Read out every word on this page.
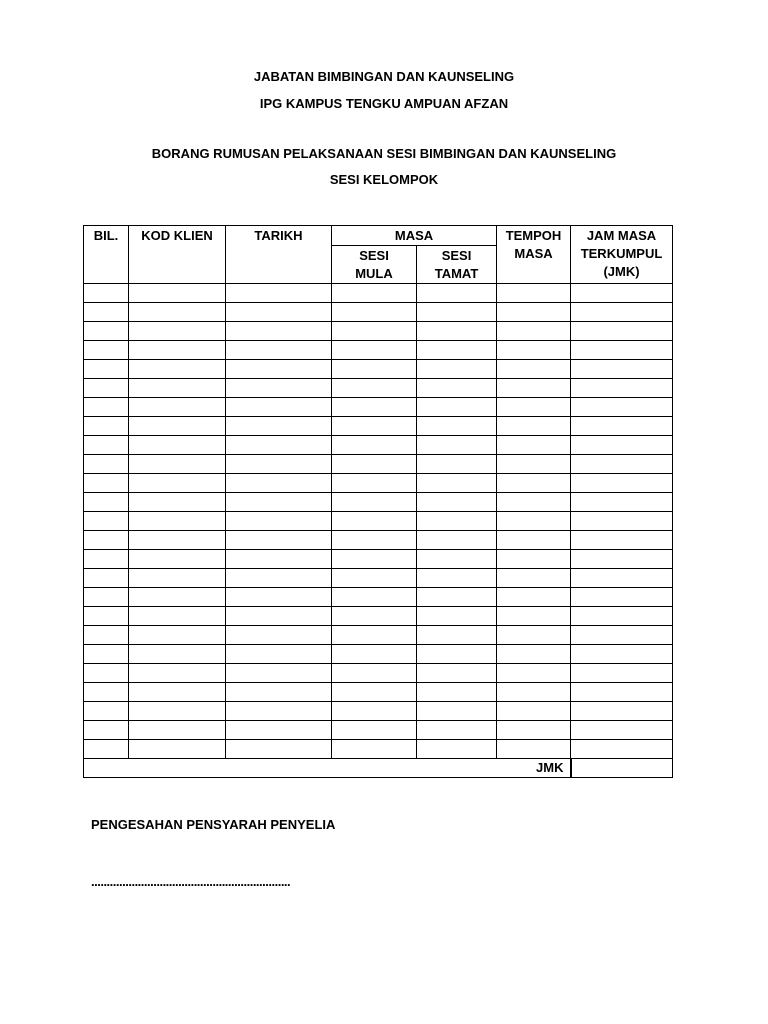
JABATAN BIMBINGAN DAN KAUNSELING
IPG KAMPUS TENGKU AMPUAN AFZAN
BORANG RUMUSAN PELAKSANAAN SESI BIMBINGAN DAN KAUNSELING
SESI KELOMPOK
BIL.	KOD KLIEN	TARIKH	MASA		TEMPOH MASA	JAM MASA TERKUMPUL (JMK)
			SESI MULA	SESI TAMAT		

JMK						
PENGESAHAN PENSYARAH PENYELIA
................................................................
